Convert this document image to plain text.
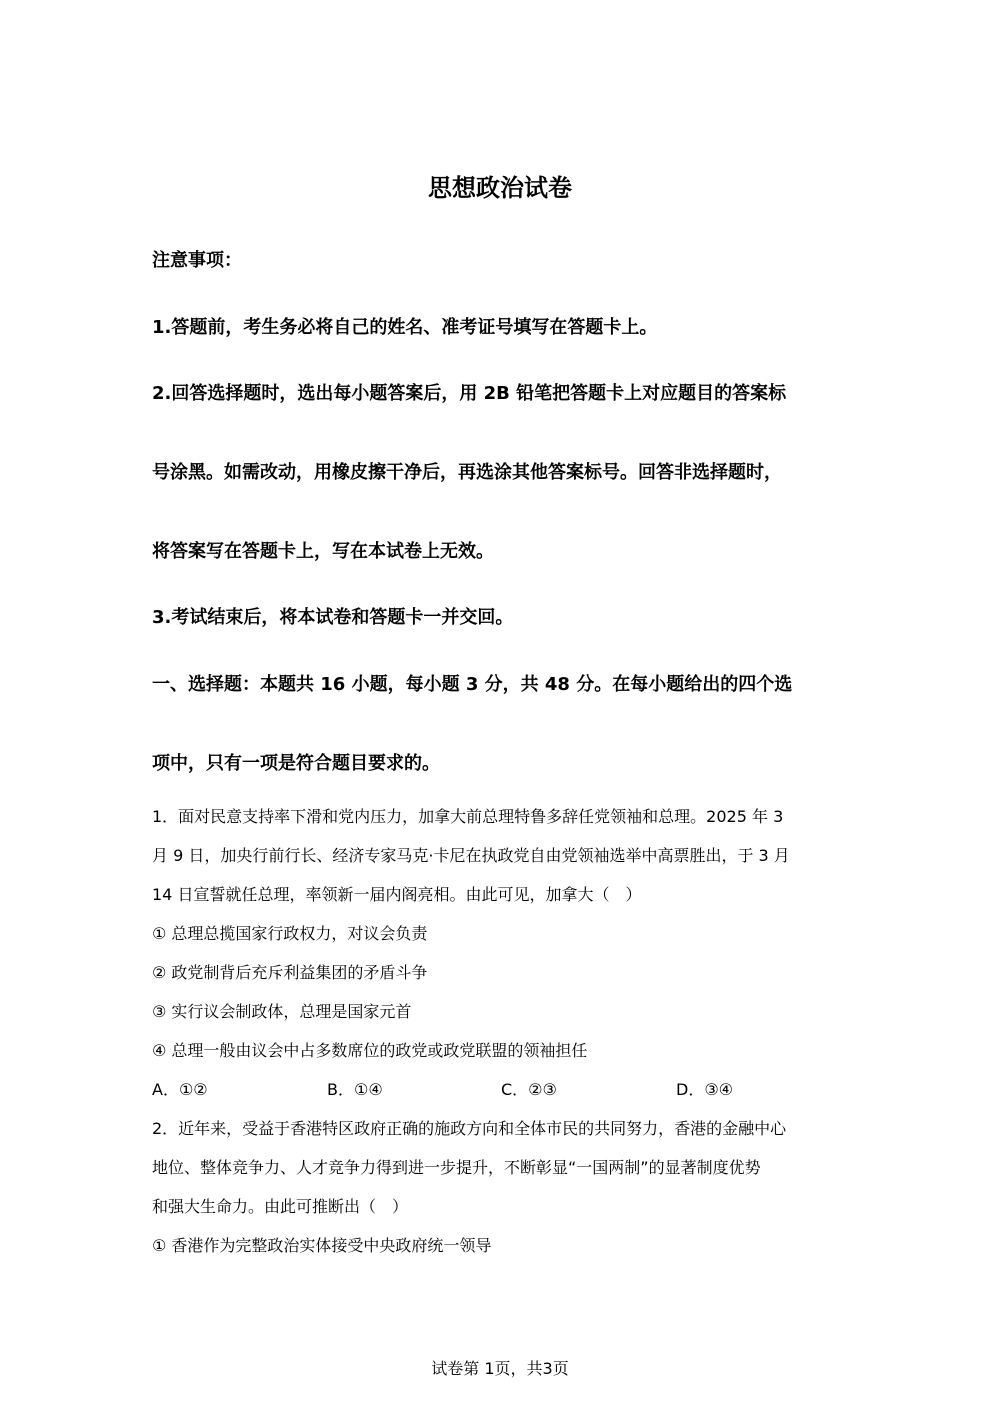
思想政治试卷
注意事项：
1.答题前，考生务必将自己的姓名、准考证号填写在答题卡上。
2.回答选择题时，选出每小题答案后，用 2B 铅笔把答题卡上对应题目的答案标
号涂黑。如需改动，用橡皮擦干净后，再选涂其他答案标号。回答非选择题时，
将答案写在答题卡上，写在本试卷上无效。
3.考试结束后，将本试卷和答题卡一并交回。
一、选择题：本题共 16 小题，每小题 3 分，共 48 分。在每小题给出的四个选
项中，只有一项是符合题目要求的。
1．面对民意支持率下滑和党内压力，加拿大前总理特鲁多辞任党领袖和总理。2025 年 3
月 9 日，加央行前行长、经济专家马克·卡尼在执政党自由党领袖选举中高票胜出，于 3 月
14 日宣誓就任总理，率领新一届内阁亮相。由此可见，加拿大（　）
① 总理总揽国家行政权力，对议会负责
② 政党制背后充斥利益集团的矛盾斗争
③ 实行议会制政体，总理是国家元首
④ 总理一般由议会中占多数席位的政党或政党联盟的领袖担任
A．①②	B．①④	C．②③	D．③④
2．近年来，受益于香港特区政府正确的施政方向和全体市民的共同努力，香港的金融中心
地位、整体竞争力、人才竞争力得到进一步提升，不断彰显“一国两制”的显著制度优势
和强大生命力。由此可推断出（　）
① 香港作为完整政治实体接受中央政府统一领导
试卷第 1页，共3页
